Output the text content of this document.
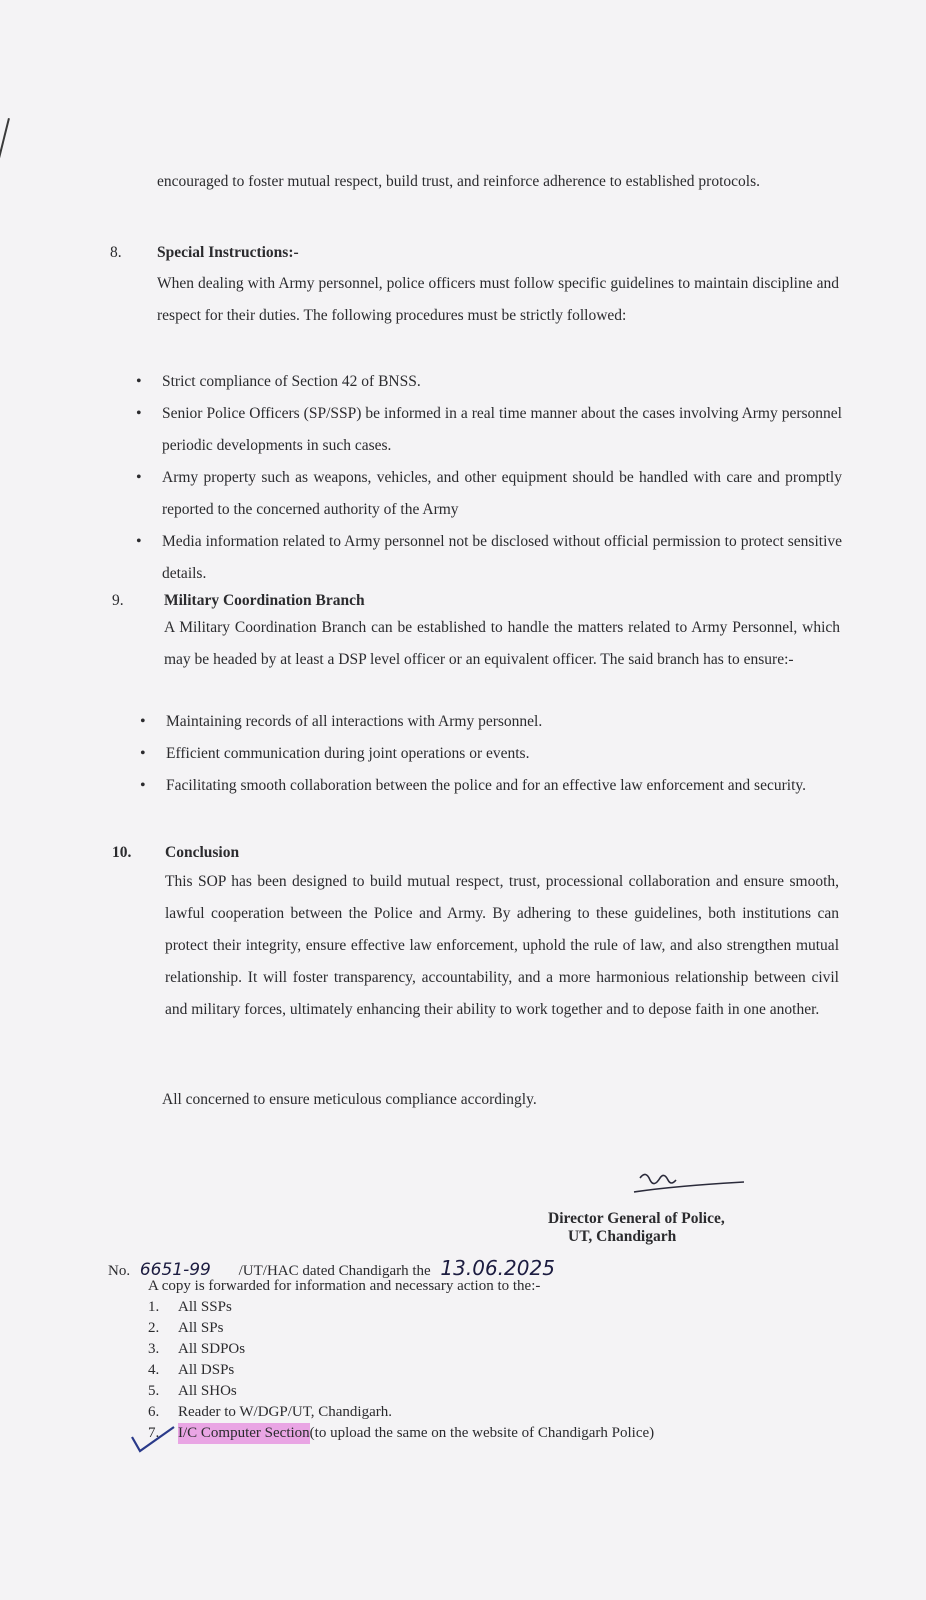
encouraged to foster mutual respect, build trust, and reinforce adherence to established protocols.

8. Special Instructions:-

When dealing with Army personnel, police officers must follow specific guidelines to maintain discipline and respect for their duties. The following procedures must be strictly followed:

• Strict compliance of Section 42 of BNSS.
• Senior Police Officers (SP/SSP) be informed in a real time manner about the cases involving Army personnel periodic developments in such cases.
• Army property such as weapons, vehicles, and other equipment should be handled with care and promptly reported to the concerned authority of the Army
• Media information related to Army personnel not be disclosed without official permission to protect sensitive details.
9.	Military Coordination Branch

A Military Coordination Branch can be established to handle the matters related to Army Personnel, which may be headed by at least a DSP level officer or an equivalent officer. The said branch has to ensure:-

• Maintaining records of all interactions with Army personnel.
• Efficient communication during joint operations or events.
• Facilitating smooth collaboration between the police and for an effective law enforcement and security.
10. Conclusion

This SOP has been designed to build mutual respect, trust, processional collaboration and ensure smooth, lawful cooperation between the Police and Army. By adhering to these guidelines, both institutions can protect their integrity, ensure effective law enforcement, uphold the rule of law, and also strengthen mutual relationship. It will foster transparency, accountability, and a more harmonious relationship between civil and military forces, ultimately enhancing their ability to work together and to depose faith in one another.

All concerned to ensure meticulous compliance accordingly.

Director General of Police,
UT, Chandigarh
No. 6651-99 /UT/HAC dated Chandigarh the 13.06.2025
A copy is forwarded for information and necessary action to the:-
1.	All SSPs
2.	All SPs
3.	All SDPOs
4.	All DSPs
5.	All SHOs
6.	Reader to W/DGP/UT, Chandigarh.
7.	I/C Computer Section (to upload the same on the website of Chandigarh Police)
